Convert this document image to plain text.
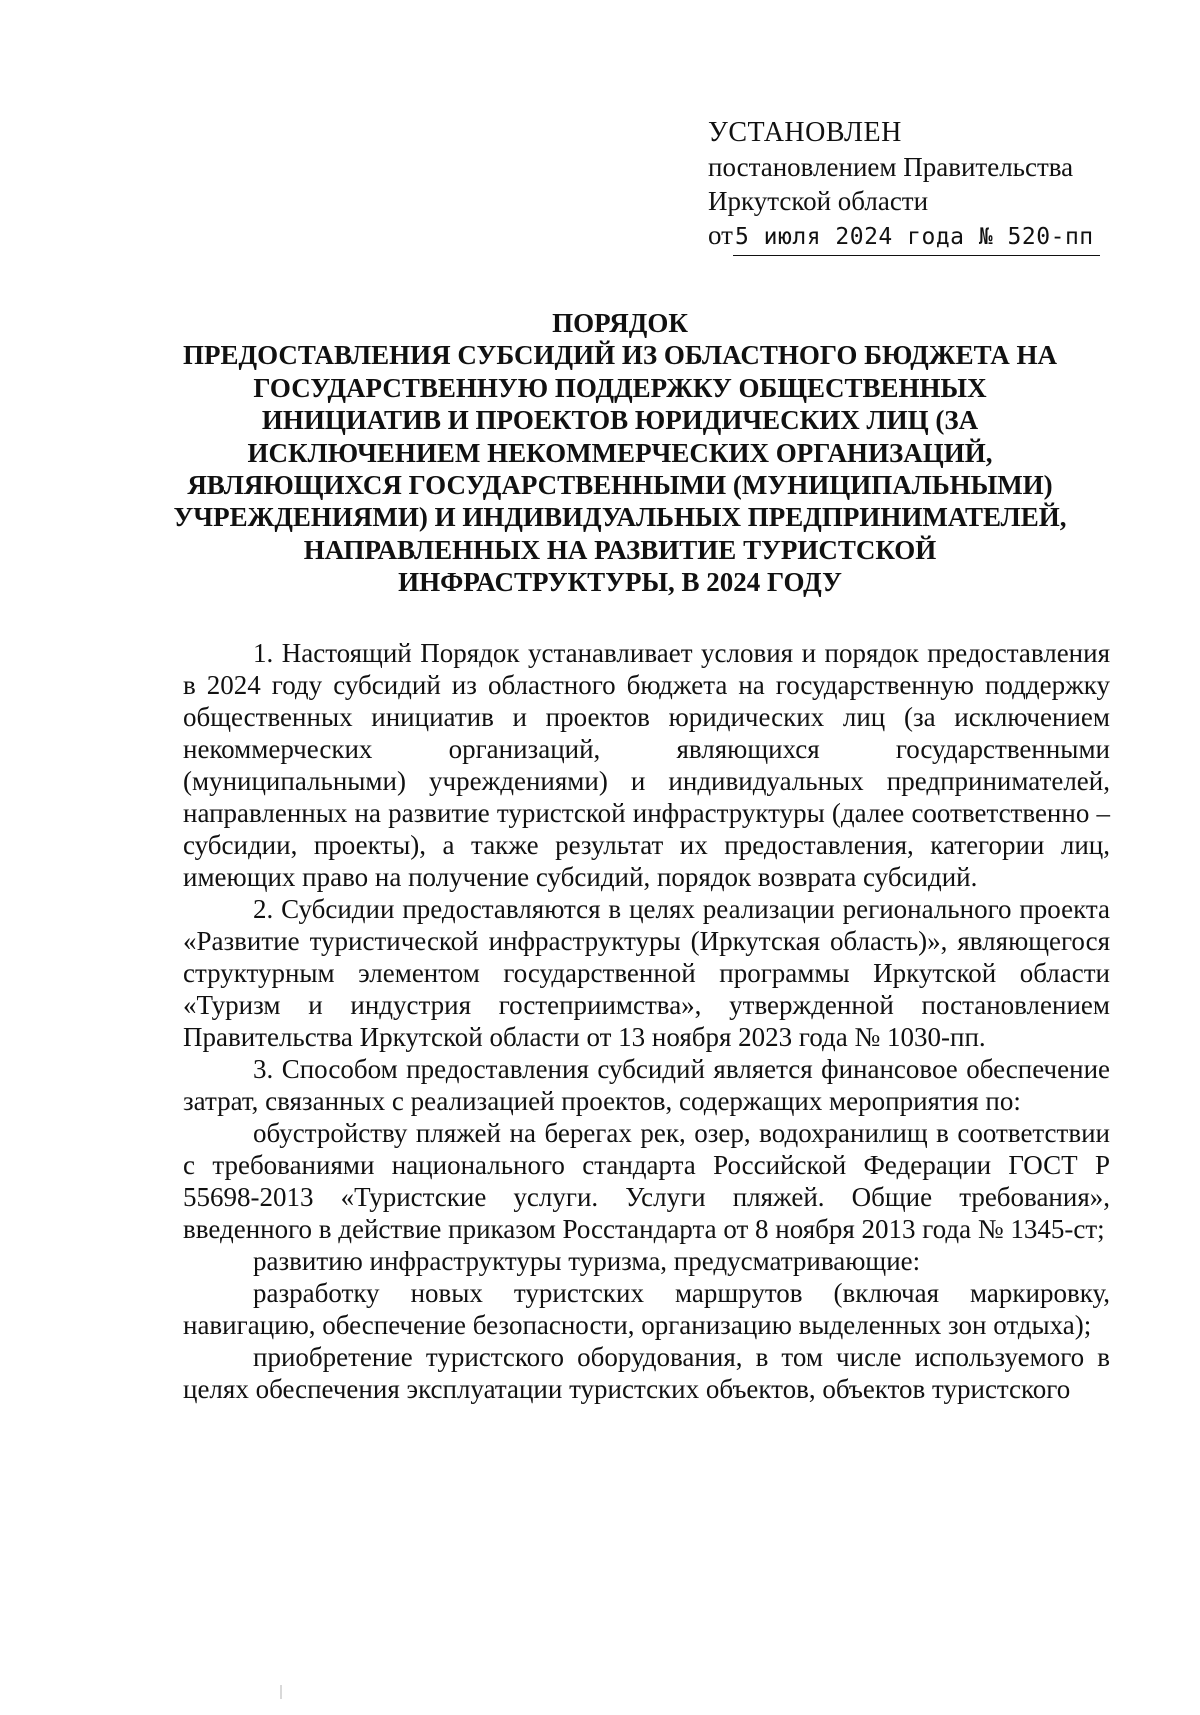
УСТАНОВЛЕН
постановлением Правительства
Иркутской области
от5 июля 2024 года № 520-пп
ПОРЯДОК
ПРЕДОСТАВЛЕНИЯ СУБСИДИЙ ИЗ ОБЛАСТНОГО БЮДЖЕТА НА
ГОСУДАРСТВЕННУЮ ПОДДЕРЖКУ ОБЩЕСТВЕННЫХ
ИНИЦИАТИВ И ПРОЕКТОВ ЮРИДИЧЕСКИХ ЛИЦ (ЗА
ИСКЛЮЧЕНИЕМ НЕКОММЕРЧЕСКИХ ОРГАНИЗАЦИЙ,
ЯВЛЯЮЩИХСЯ ГОСУДАРСТВЕННЫМИ (МУНИЦИПАЛЬНЫМИ)
УЧРЕЖДЕНИЯМИ) И ИНДИВИДУАЛЬНЫХ ПРЕДПРИНИМАТЕЛЕЙ,
НАПРАВЛЕННЫХ НА РАЗВИТИЕ ТУРИСТСКОЙ
ИНФРАСТРУКТУРЫ, В 2024 ГОДУ

1. Настоящий Порядок устанавливает условия и порядок предоставления в 2024 году субсидий из областного бюджета на государственную поддержку общественных инициатив и проектов юридических лиц (за исключением некоммерческих организаций, являющихся государственными (муниципальными) учреждениями) и индивидуальных предпринимателей, направленных на развитие туристской инфраструктуры (далее соответственно – субсидии, проекты), а также результат их предоставления, категории лиц, имеющих право на получение субсидий, порядок возврата субсидий.

2. Субсидии предоставляются в целях реализации регионального проекта «Развитие туристической инфраструктуры (Иркутская область)», являющегося структурным элементом государственной программы Иркутской области «Туризм и индустрия гостеприимства», утвержденной постановлением Правительства Иркутской области от 13 ноября 2023 года № 1030-пп.

3. Способом предоставления субсидий является финансовое обеспечение затрат, связанных с реализацией проектов, содержащих мероприятия по:

обустройству пляжей на берегах рек, озер, водохранилищ в соответствии с требованиями национального стандарта Российской Федерации ГОСТ Р 55698-2013 «Туристские услуги. Услуги пляжей. Общие требования», введенного в действие приказом Росстандарта от 8 ноября 2013 года № 1345-ст;

развитию инфраструктуры туризма, предусматривающие:

разработку новых туристских маршрутов (включая маркировку, навигацию, обеспечение безопасности, организацию выделенных зон отдыха);

приобретение туристского оборудования, в том числе используемого в целях обеспечения эксплуатации туристских объектов, объектов туристского
